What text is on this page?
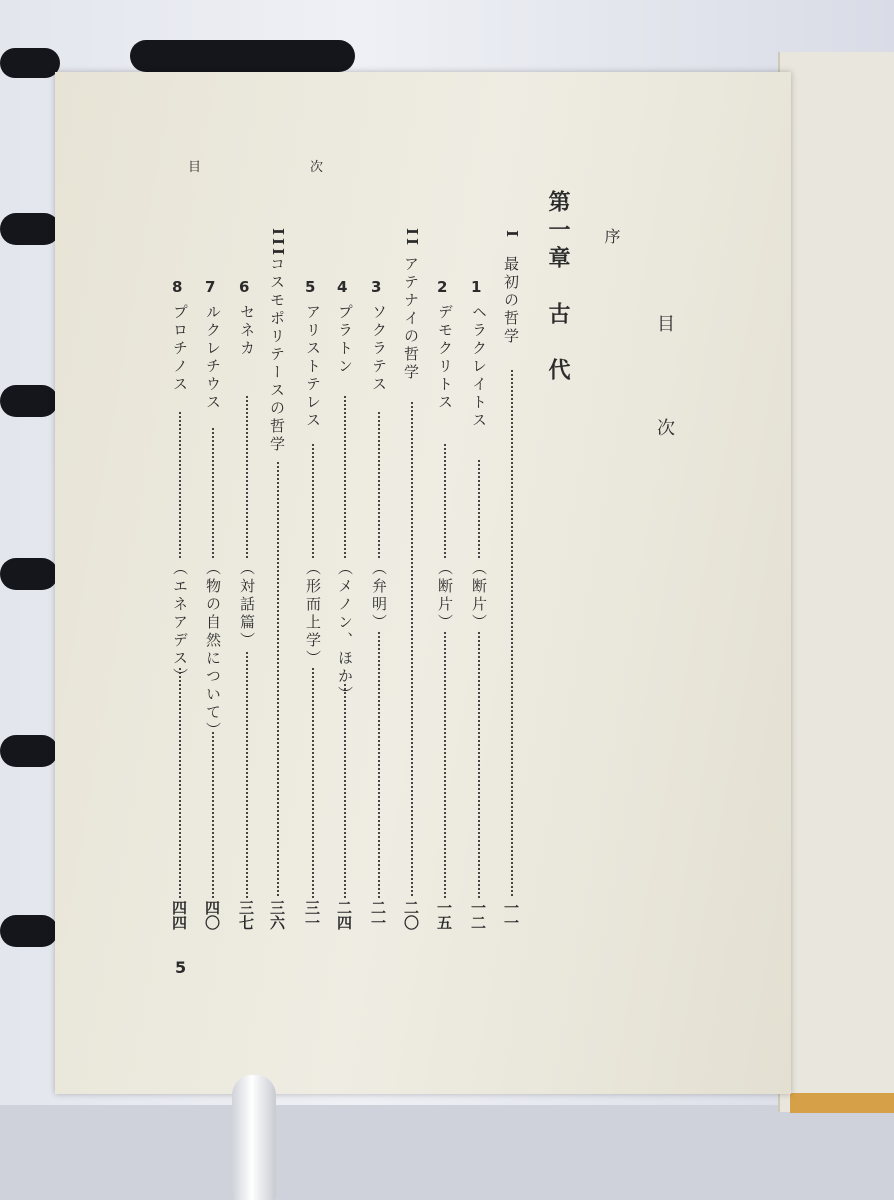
目　次
目　次
序
第一章　古　代
I
最初の哲学
一一
1
ヘラクレイトス
（断片）
一二
II
アテナイの哲学
二〇
2
デモクリトス
（断片）
一五
3
ソクラテス
（弁明）
二一
4
プラトン
（メノン、ほか）
二四
5
アリストテレス
（形而上学）
三一
III
コスモポリテースの哲学
三六
6
セネカ
（対話篇）
三七
7
ルクレチウス
（物の自然について）
四〇
8
プロチノス
（エネアデス）
四四
5
